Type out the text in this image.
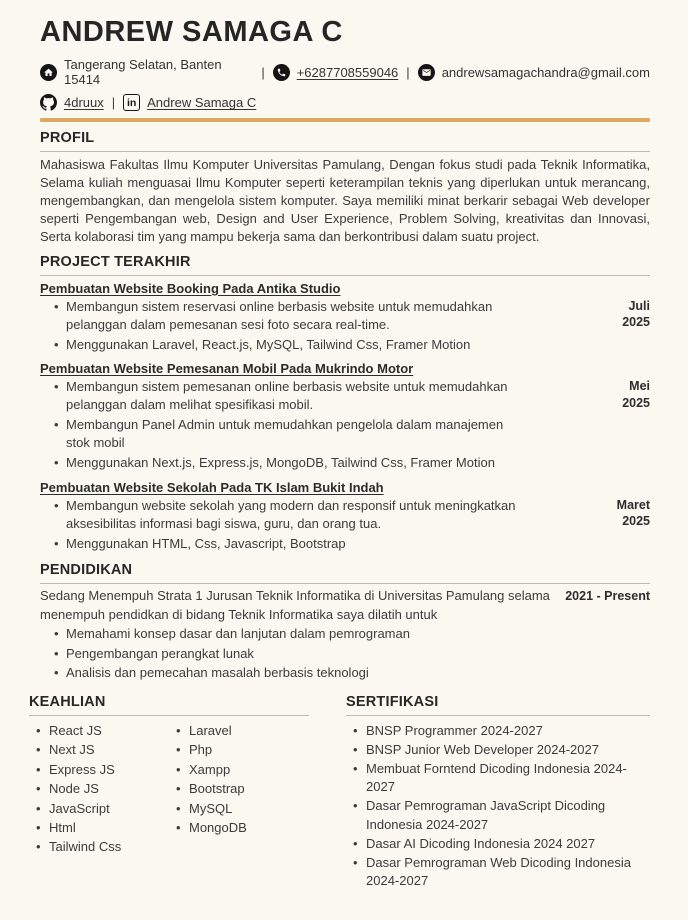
ANDREW SAMAGA C
Tangerang Selatan, Banten 15414	| +6287708559046 | andrewsamagachandra@gmail.com
4druux |	in Andrew Samaga C
PROFIL

Mahasiswa Fakultas Ilmu Komputer Universitas Pamulang, Dengan fokus studi pada Teknik Informatika, Selama kuliah menguasai Ilmu Komputer seperti keterampilan teknis yang diperlukan untuk merancang, mengembangkan, dan mengelola sistem komputer. Saya memiliki minat berkarir sebagai Web developer seperti Pengembangan web, Design and User Experience, Problem Solving, kreativitas dan Innovasi, Serta kolaborasi tim yang mampu bekerja sama dan berkontribusi dalam suatu project.

PROJECT TERAKHIR
Pembuatan Website Booking Pada Antika Studio
• Membangun sistem reservasi online berbasis website untuk memudahkan pelanggan dalam pemesanan sesi foto secara real-time.
• Menggunakan Laravel, React.js, MySQL, Tailwind Css, Framer Motion
Juli
2025
Pembuatan Website Pemesanan Mobil Pada Mukrindo Motor
• Membangun sistem pemesanan online berbasis website untuk memudahkan pelanggan dalam melihat spesifikasi mobil.
• Membangun Panel Admin untuk memudahkan pengelola dalam manajemen stok mobil
• Menggunakan Next.js, Express.js, MongoDB, Tailwind Css, Framer Motion
Mei
2025
Pembuatan Website Sekolah Pada TK Islam Bukit Indah
• Membangun website sekolah yang modern dan responsif untuk meningkatkan aksesibilitas informasi bagi siswa, guru, dan orang tua.
• Menggunakan HTML, Css, Javascript, Bootstrap
Maret
2025
PENDIDIKAN

Sedang Menempuh Strata 1 Jurusan Teknik Informatika di Universitas Pamulang selama menempuh pendidkan di bidang Teknik Informatika saya dilatih untuk

• Memahami konsep dasar dan lanjutan dalam pemrograman
• Pengembangan perangkat lunak
• Analisis dan pemecahan masalah berbasis teknologi
2021 - Present
KEAHLIAN
• React JS
• Next JS
• Express JS
• Node JS
• JavaScript
• Html
• Tailwind Css
• Laravel
• Php
• Xampp
• Bootstrap
• MySQL
• MongoDB
SERTIFIKASI
• BNSP Programmer 2024-2027
• BNSP Junior Web Developer 2024-2027
• Membuat Forntend Dicoding Indonesia 2024-2027
• Dasar Pemrograman JavaScript Dicoding Indonesia 2024-2027
• Dasar AI Dicoding Indonesia 2024 2027
• Dasar Pemrograman Web Dicoding Indonesia 2024-2027
